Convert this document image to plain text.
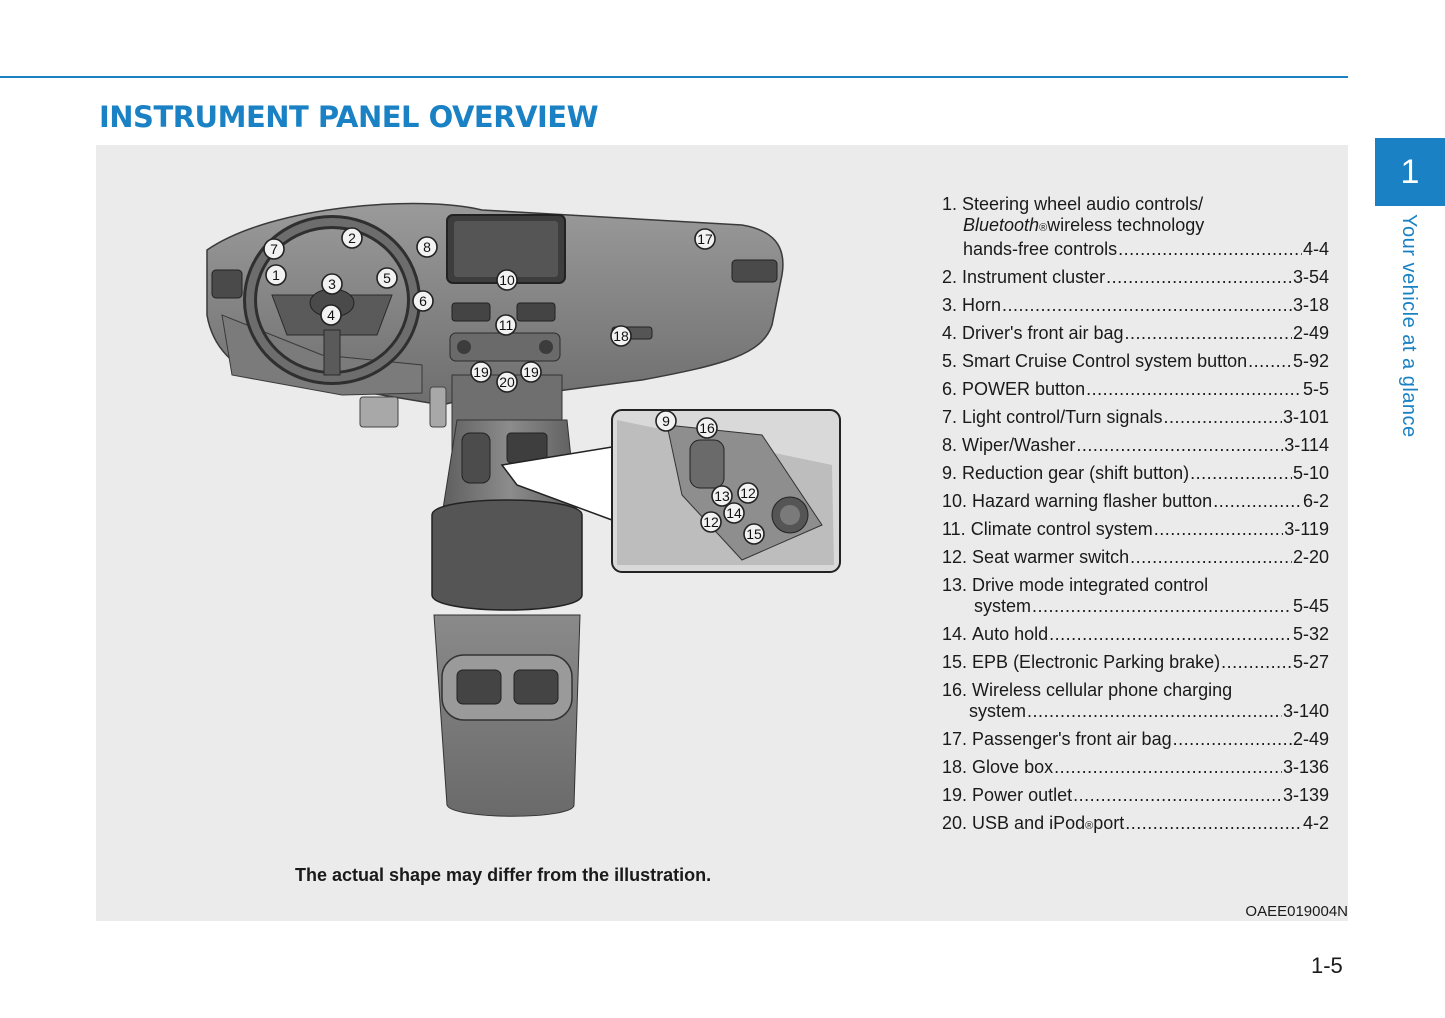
INSTRUMENT PANEL OVERVIEW
1
Your vehicle at a glance
1
2
3
4
5
6
7	8
9
10
11
12
12
13
14
15
16
17
18
19
20
19
1.
Steering wheel audio controls/
Bluetooth ® wireless technology
hands-free controls .....	4-4
2.
Instrument cluster .....	3-54
3.
Horn .....	3-18
4.
Driver's front air bag .....	2-49
5.
Smart Cruise Control system button .....	5-92
6.
POWER button .....	5-5
7.
Light control/Turn signals .....	3-101
8.
Wiper/Washer .....	3-114
9.
Reduction gear (shift button) .....	5-10
10.
Hazard warning flasher button .....	6-2
11.
Climate control system .....	3-119
12.
Seat warmer switch .....	2-20
13.
Drive mode integrated control
system .....	5-45
14.
Auto hold .....	5-32
15.
EPB (Electronic Parking brake) .....	5-27
16.
Wireless cellular phone charging
system .....	3-140
17.
Passenger's front air bag .....	2-49
18.
Glove box .....	3-136
19.
Power outlet .....	3-139
20.
USB and iPod ® port .....	4-2

The actual shape may differ from the illustration.

OAEE019004N
1-5
